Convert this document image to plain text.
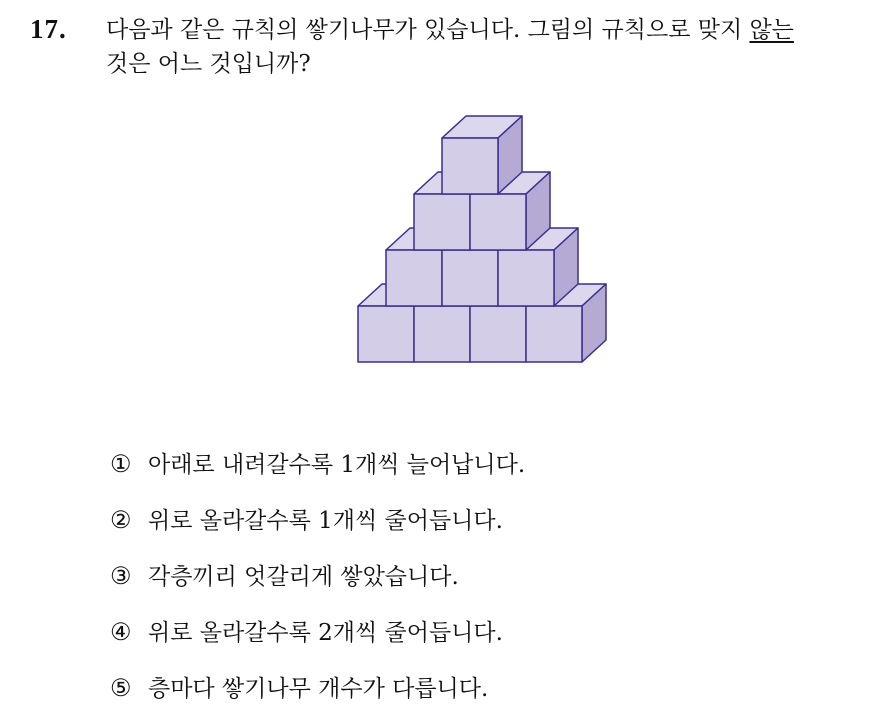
17. 다음과 같은 규칙의 쌓기나무가 있습니다. 그림의 규칙으로 맞지 않는
것은 어느 것입니까?
① 아래로 내려갈수록 1개씩 늘어납니다.
② 위로 올라갈수록 1개씩 줄어듭니다.
③ 각층끼리 엇갈리게 쌓았습니다.
④ 위로 올라갈수록 2개씩 줄어듭니다.
⑤ 층마다 쌓기나무 개수가 다릅니다.
